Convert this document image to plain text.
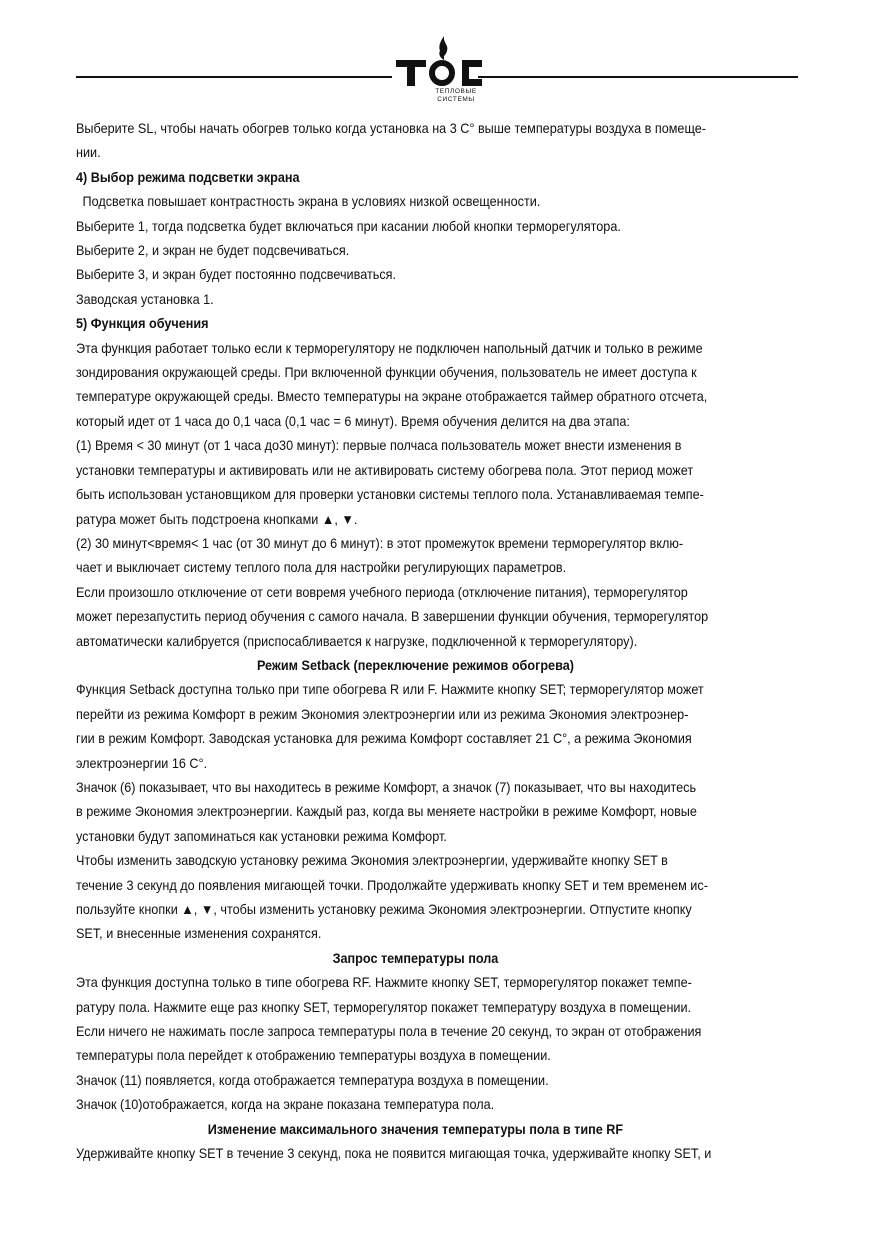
ТЕПЛОВЫЕ
СИСТЕМЫ

Выберите SL, чтобы начать обогрев только когда установка на 3 С° выше температуры воздуха в помеще-

нии.

4) Выбор режима подсветки экрана

Подсветка повышает контрастность экрана в условиях низкой освещенности.

Выберите 1, тогда подсветка будет включаться при касании любой кнопки терморегулятора.

Выберите 2, и экран не будет подсвечиваться.

Выберите 3, и экран будет постоянно подсвечиваться.

Заводская установка 1.

5) Функция обучения

Эта функция работает только если к терморегулятору не подключен напольный датчик и только в режиме

зондирования окружающей среды. При включенной функции обучения, пользователь не имеет доступа к

температуре окружающей среды. Вместо температуры на экране отображается таймер обратного отсчета,

который идет от 1 часа до 0,1 часа (0,1 час = 6 минут). Время обучения делится на два этапа:

(1) Время < 30 минут (от 1 часа до30 минут): первые полчаса пользователь может внести изменения в

установки температуры и активировать или не активировать систему обогрева пола. Этот период может

быть использован установщиком для проверки установки системы теплого пола. Устанавливаемая темпе-

ратура может быть подстроена кнопками ▲, ▼.

(2) 30 минут<время< 1 час (от 30 минут до 6 минут): в этот промежуток времени терморегулятор вклю-

чает и выключает систему теплого пола для настройки регулирующих параметров.

Если произошло отключение от сети вовремя учебного периода (отключение питания), терморегулятор

может перезапустить период обучения с самого начала. В завершении функции обучения, терморегулятор

автоматически калибруется (приспосабливается к нагрузке, подключенной к терморегулятору).

Режим Setback (переключение режимов обогрева)

Функция Setback доступна только при типе обогрева R или F. Нажмите кнопку SET; терморегулятор может

перейти из режима Комфорт в режим Экономия электроэнергии или из режима Экономия электроэнер-

гии в режим Комфорт. Заводская установка для режима Комфорт составляет 21 С°, а режима Экономия

электроэнергии 16 С°.

Значок (6) показывает, что вы находитесь в режиме Комфорт, а значок (7) показывает, что вы находитесь

в режиме Экономия электроэнергии. Каждый раз, когда вы меняете настройки в режиме Комфорт, новые

установки будут запоминаться как установки режима Комфорт.

Чтобы изменить заводскую установку режима Экономия электроэнергии, удерживайте кнопку SET в

течение 3 секунд до появления мигающей точки. Продолжайте удерживать кнопку SET и тем временем ис-

пользуйте кнопки ▲, ▼, чтобы изменить установку режима Экономия электроэнергии. Отпустите кнопку

SET, и внесенные изменения сохранятся.

Запрос температуры пола

Эта функция доступна только в типе обогрева RF. Нажмите кнопку SET, терморегулятор покажет темпе-

ратуру пола. Нажмите еще раз кнопку SET, терморегулятор покажет температуру воздуха в помещении.

Если ничего не нажимать после запроса температуры пола в течение 20 секунд, то экран от отображения

температуры пола перейдет к отображению температуры воздуха в помещении.

Значок (11) появляется, когда отображается температура воздуха в помещении.

Значок (10)отображается, когда на экране показана температура пола.

Изменение максимального значения температуры пола в типе RF

Удерживайте кнопку SET в течение 3 секунд, пока не появится мигающая точка, удерживайте кнопку SET, и
